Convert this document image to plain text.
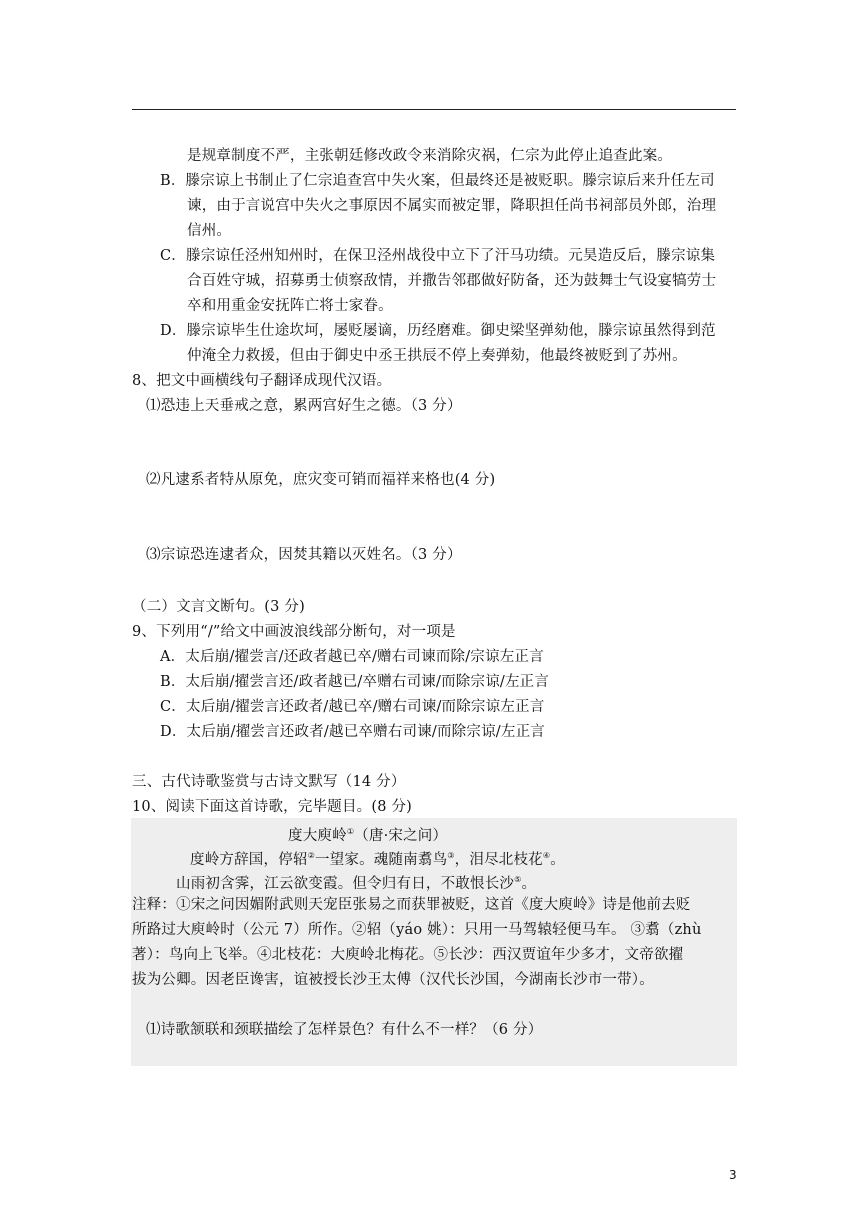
是规章制度不严，主张朝廷修改政令来消除灾祸，仁宗为此停止追查此案。
B．滕宗谅上书制止了仁宗追查宫中失火案，但最终还是被贬职。滕宗谅后来升任左司
谏，由于言说宫中失火之事原因不属实而被定罪，降职担任尚书祠部员外郎，治理
信州。
C．滕宗谅任泾州知州时，在保卫泾州战役中立下了汗马功绩。元昊造反后，滕宗谅集
合百姓守城，招募勇士侦察敌情，并撒告邻郡做好防备，还为鼓舞士气设宴犒劳士
卒和用重金安抚阵亡将士家眷。
D．滕宗谅毕生仕途坎坷，屡贬屡谪，历经磨难。御史梁坚弹劾他，滕宗谅虽然得到范
仲淹全力救援，但由于御史中丞王拱辰不停上奏弹劾，他最终被贬到了苏州。
8、把文中画横线句子翻译成现代汉语。
⑴恐违上天垂戒之意，累两宫好生之德。（3 分）
⑵凡逮系者特从原免，庶灾变可销而福祥来格也(4 分)
⑶宗谅恐连逮者众，因焚其籍以灭姓名。（3 分）
（二）文言文断句。(3 分)
9、下列用“/”给文中画波浪线部分断句，对一项是
A．太后崩/擢尝言/还政者越已卒/赠右司谏而除/宗谅左正言
B．太后崩/擢尝言还/政者越已/卒赠右司谏/而除宗谅/左正言
C．太后崩/擢尝言还政者/越已卒/赠右司谏/而除宗谅左正言
D．太后崩/擢尝言还政者/越已卒赠右司谏/而除宗谅/左正言
三、古代诗歌鉴赏与古诗文默写（14 分）
10、阅读下面这首诗歌，完毕题目。(8 分)
度大庾岭①（唐·宋之问）
度岭方辞国，停轺②一望家。魂随南翥鸟③，泪尽北枝花④。
山雨初含霁，江云欲变霞。但令归有日，不敢恨长沙⑤。
注释：①宋之问因媚附武则天宠臣张易之而获罪被贬，这首《度大庾岭》诗是他前去贬
所路过大庾岭时（公元 7）所作。②轺（yáo 姚）：只用一马驾辕轻便马车。 ③翥（zhù
著）：鸟向上飞举。④北枝花：大庾岭北梅花。⑤长沙：西汉贾谊年少多才，文帝欲擢
拔为公卿。因老臣谗害，谊被授长沙王太傅（汉代长沙国，今湖南长沙市一带）。
⑴诗歌颔联和颈联描绘了怎样景色？有什么不一样？（6 分）
3
